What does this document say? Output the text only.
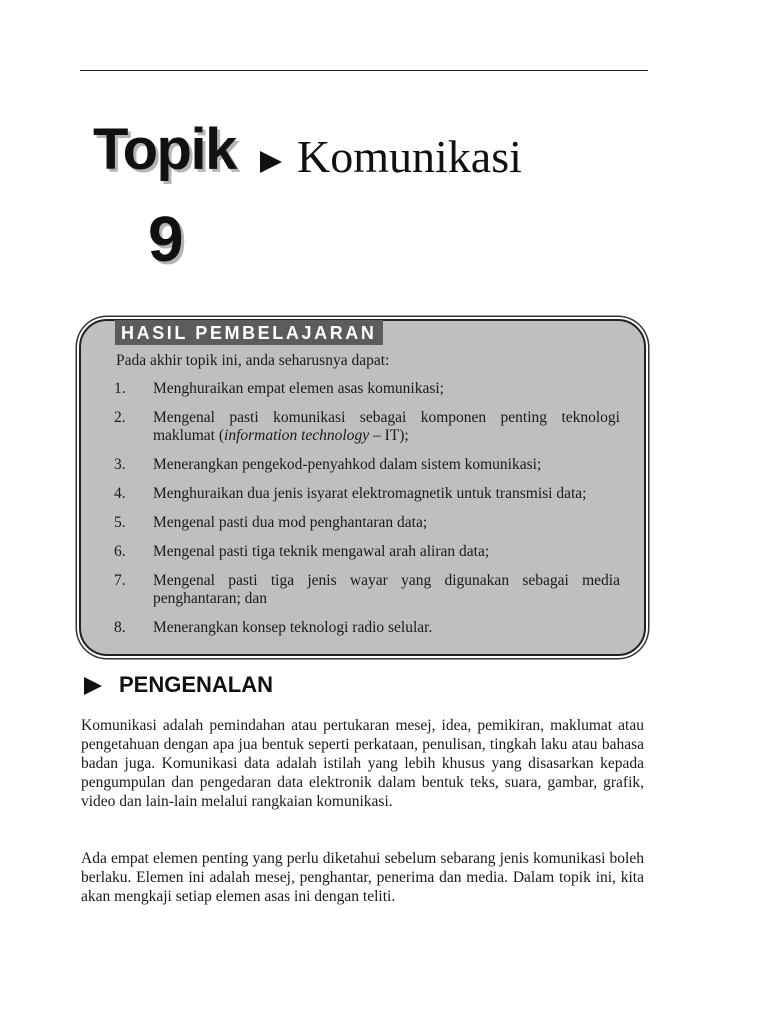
Topik
9
Komunikasi
HASIL PEMBELAJARAN
Pada akhir topik ini, anda seharusnya dapat:
1.	Menghuraikan empat elemen asas komunikasi;
2.	Mengenal pasti komunikasi sebagai komponen penting teknologi maklumat (information technology – IT);
3.	Menerangkan pengekod-penyahkod dalam sistem komunikasi;
4.	Menghuraikan dua jenis isyarat elektromagnetik untuk transmisi data;
5.	Mengenal pasti dua mod penghantaran data;
6.	Mengenal pasti tiga teknik mengawal arah aliran data;
7.	Mengenal pasti tiga jenis wayar yang digunakan sebagai media penghantaran; dan
8.	Menerangkan konsep teknologi radio selular.
PENGENALAN

Komunikasi adalah pemindahan atau pertukaran mesej, idea, pemikiran, maklumat atau pengetahuan dengan apa jua bentuk seperti perkataan, penulisan, tingkah laku atau bahasa badan juga. Komunikasi data adalah istilah yang lebih khusus yang disasarkan kepada pengumpulan dan pengedaran data elektronik dalam bentuk teks, suara, gambar, grafik, video dan lain-lain melalui rangkaian komunikasi.

Ada empat elemen penting yang perlu diketahui sebelum sebarang jenis komunikasi boleh berlaku. Elemen ini adalah mesej, penghantar, penerima dan media. Dalam topik ini, kita akan mengkaji setiap elemen asas ini dengan teliti.
